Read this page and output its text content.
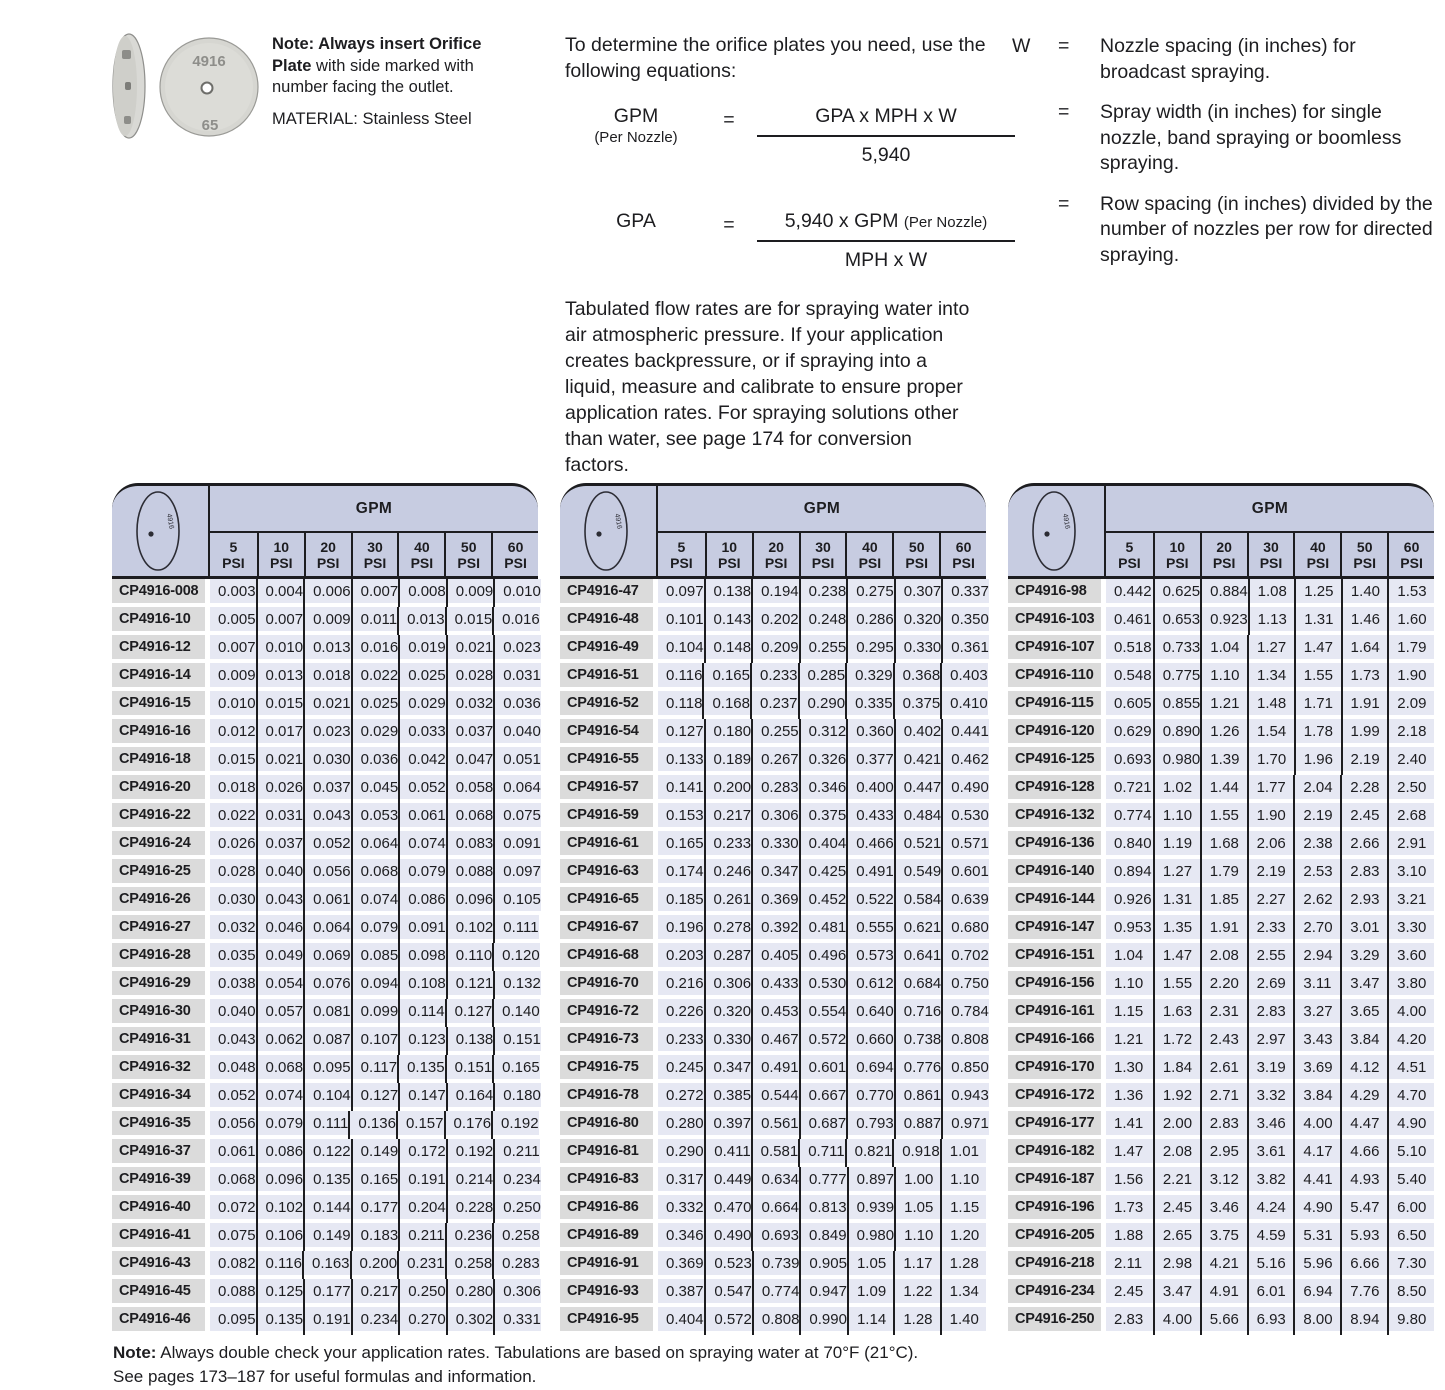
4916
65
Note: Always insert Orifice Plate with side marked with number facing the outlet.
MATERIAL: Stainless Steel
To determine the orifice plates you need, use the following equations:
GPM
(Per Nozzle)
=	$\frac{\text{GPA x MPH x W}}{5,940}$
GPA	=	$\frac{\text{5,940 x GPM (Per Nozzle)}}{\text{MPH x W}}$
W	=	Nozzle spacing (in inches) for broadcast spraying.
=	Spray width (in inches) for single nozzle, band spraying or boomless spraying.
=	Row spacing (in inches) divided by the number of nozzles per row for directed spraying.
Tabulated flow rates are for spraying water into air atmospheric pressure. If your application creates backpressure, or if spraying into a liquid, measure and calibrate to ensure proper application rates. For spraying solutions other than water, see page 174 for conversion factors.
4916
GPM
5
PSI
10
PSI
20
PSI
30
PSI
40
PSI
50
PSI
60
PSI
CP4916-008	0.003 0.004 0.006 0.007 0.008 0.009 0.010
CP4916-10	0.005 0.007 0.009 0.011 0.013 0.015 0.016
CP4916-12	0.007 0.010 0.013 0.016 0.019 0.021 0.023
CP4916-14	0.009 0.013 0.018 0.022 0.025 0.028 0.031
CP4916-15	0.010 0.015 0.021 0.025 0.029 0.032 0.036
CP4916-16	0.012 0.017 0.023 0.029 0.033 0.037 0.040
CP4916-18	0.015 0.021 0.030 0.036 0.042 0.047 0.051
CP4916-20	0.018 0.026 0.037 0.045 0.052 0.058 0.064
CP4916-22	0.022 0.031 0.043 0.053 0.061 0.068 0.075
CP4916-24	0.026 0.037 0.052 0.064 0.074 0.083 0.091
CP4916-25	0.028 0.040 0.056 0.068 0.079 0.088 0.097
CP4916-26	0.030 0.043 0.061 0.074 0.086 0.096 0.105
CP4916-27	0.032 0.046 0.064 0.079 0.091 0.102 0.111
CP4916-28	0.035 0.049 0.069 0.085 0.098 0.110 0.120
CP4916-29	0.038 0.054 0.076 0.094 0.108 0.121 0.132
CP4916-30	0.040 0.057 0.081 0.099 0.114 0.127 0.140
CP4916-31	0.043 0.062 0.087 0.107 0.123 0.138 0.151
CP4916-32	0.048 0.068 0.095 0.117 0.135 0.151 0.165
CP4916-34	0.052 0.074 0.104 0.127 0.147 0.164 0.180
CP4916-35	0.056 0.079 0.111 0.136 0.157 0.176 0.192
CP4916-37	0.061 0.086 0.122 0.149 0.172 0.192 0.211
CP4916-39	0.068 0.096 0.135 0.165 0.191 0.214 0.234
CP4916-40	0.072 0.102 0.144 0.177 0.204 0.228 0.250
CP4916-41	0.075 0.106 0.149 0.183 0.211 0.236 0.258
CP4916-43	0.082 0.116 0.163 0.200 0.231 0.258 0.283
CP4916-45	0.088 0.125 0.177 0.217 0.250 0.280 0.306
CP4916-46	0.095 0.135 0.191 0.234 0.270 0.302 0.331
4916
GPM
5
PSI
10
PSI
20
PSI
30
PSI
40
PSI
50
PSI
60
PSI
CP4916-47	0.097 0.138 0.194 0.238 0.275 0.307 0.337
CP4916-48	0.101 0.143 0.202 0.248 0.286 0.320 0.350
CP4916-49	0.104 0.148 0.209 0.255 0.295 0.330 0.361
CP4916-51	0.116 0.165 0.233 0.285 0.329 0.368 0.403
CP4916-52	0.118 0.168 0.237 0.290 0.335 0.375 0.410
CP4916-54	0.127 0.180 0.255 0.312 0.360 0.402 0.441
CP4916-55	0.133 0.189 0.267 0.326 0.377 0.421 0.462
CP4916-57	0.141 0.200 0.283 0.346 0.400 0.447 0.490
CP4916-59	0.153 0.217 0.306 0.375 0.433 0.484 0.530
CP4916-61	0.165 0.233 0.330 0.404 0.466 0.521 0.571
CP4916-63	0.174 0.246 0.347 0.425 0.491 0.549 0.601
CP4916-65	0.185 0.261 0.369 0.452 0.522 0.584 0.639
CP4916-67	0.196 0.278 0.392 0.481 0.555 0.621 0.680
CP4916-68	0.203 0.287 0.405 0.496 0.573 0.641 0.702
CP4916-70	0.216 0.306 0.433 0.530 0.612 0.684 0.750
CP4916-72	0.226 0.320 0.453 0.554 0.640 0.716 0.784
CP4916-73	0.233 0.330 0.467 0.572 0.660 0.738 0.808
CP4916-75	0.245 0.347 0.491 0.601 0.694 0.776 0.850
CP4916-78	0.272 0.385 0.544 0.667 0.770 0.861 0.943
CP4916-80	0.280 0.397 0.561 0.687 0.793 0.887 0.971
CP4916-81	0.290 0.411 0.581 0.711 0.821 0.918 1.01
CP4916-83	0.317 0.449 0.634 0.777 0.897 1.00	1.10
CP4916-86	0.332 0.470 0.664 0.813 0.939 1.05	1.15
CP4916-89	0.346 0.490 0.693 0.849 0.980 1.10	1.20
CP4916-91	0.369 0.523 0.739 0.905 1.05	1.17	1.28
CP4916-93	0.387 0.547 0.774 0.947 1.09	1.22	1.34
CP4916-95	0.404 0.572 0.808 0.990 1.14	1.28	1.40
4916
GPM
5
PSI
10
PSI
20
PSI
30
PSI
40
PSI
50
PSI
60
PSI
CP4916-98	0.442 0.625 0.884 1.08	1.25	1.40	1.53
CP4916-103	0.461 0.653 0.923 1.13	1.31	1.46	1.60
CP4916-107	0.518 0.733 1.04	1.27	1.47	1.64	1.79
CP4916-110	0.548 0.775 1.10	1.34	1.55	1.73	1.90
CP4916-115	0.605 0.855 1.21	1.48	1.71	1.91	2.09
CP4916-120	0.629 0.890 1.26	1.54	1.78	1.99	2.18
CP4916-125	0.693 0.980 1.39	1.70	1.96	2.19	2.40
CP4916-128	0.721 1.02	1.44	1.77	2.04	2.28	2.50
CP4916-132	0.774 1.10	1.55	1.90	2.19	2.45	2.68
CP4916-136	0.840 1.19	1.68	2.06	2.38	2.66	2.91
CP4916-140	0.894 1.27	1.79	2.19	2.53	2.83	3.10
CP4916-144	0.926 1.31	1.85	2.27	2.62	2.93	3.21
CP4916-147	0.953 1.35	1.91	2.33	2.70	3.01	3.30
CP4916-151	1.04	1.47	2.08	2.55	2.94	3.29	3.60
CP4916-156	1.10	1.55	2.20	2.69	3.11	3.47	3.80
CP4916-161	1.15	1.63	2.31	2.83	3.27	3.65	4.00
CP4916-166	1.21	1.72	2.43	2.97	3.43	3.84	4.20
CP4916-170	1.30	1.84	2.61	3.19	3.69	4.12	4.51
CP4916-172	1.36	1.92	2.71	3.32	3.84	4.29	4.70
CP4916-177	1.41	2.00	2.83	3.46	4.00	4.47	4.90
CP4916-182	1.47	2.08	2.95	3.61	4.17	4.66	5.10
CP4916-187	1.56	2.21	3.12	3.82	4.41	4.93	5.40
CP4916-196	1.73	2.45	3.46	4.24	4.90	5.47	6.00
CP4916-205	1.88	2.65	3.75	4.59	5.31	5.93	6.50
CP4916-218	2.11	2.98	4.21	5.16	5.96	6.66	7.30
CP4916-234	2.45	3.47	4.91	6.01	6.94	7.76	8.50
CP4916-250	2.83	4.00	5.66	6.93	8.00	8.94	9.80
Note: Always double check your application rates. Tabulations are based on spraying water at 70°F (21°C).
See pages 173–187 for useful formulas and information.
